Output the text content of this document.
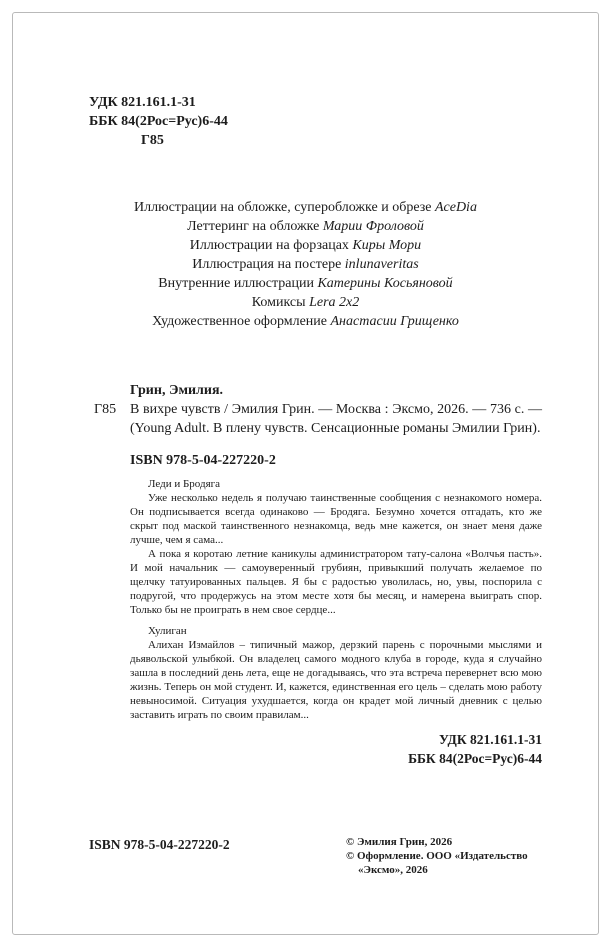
УДК 821.161.1-31
ББК 84(2Рос=Рус)6-44
Г85
Иллюстрации на обложке, суперобложке и обрезе AceDia
Леттеринг на обложке Марии Фроловой
Иллюстрации на форзацах Киры Мори
Иллюстрация на постере inlunaveritas
Внутренние иллюстрации Катерины Косьяновой
Комиксы Lera 2x2
Художественное оформление Анастасии Грищенко
Грин, Эмилия.
Г85 В вихре чувств / Эмилия Грин. — Москва : Эксмо, 2026. — 736 с. — (Young Adult. В плену чувств. Сенсационные романы Эмилии Грин).
ISBN 978-5-04-227220-2
Леди и Бродяга
Уже несколько недель я получаю таинственные сообщения с незнакомого номера. Он подписывается всегда одинаково — Бродяга. Безумно хочется отгадать, кто же скрыт под маской таинственного незнакомца, ведь мне кажется, он знает меня даже лучше, чем я сама...
А пока я коротаю летние каникулы администратором тату-салона «Волчья пасть». И мой начальник — самоуверенный грубиян, привыкший получать желаемое по щелчку татуированных пальцев. Я бы с радостью уволилась, но, увы, поспорила с подругой, что продержусь на этом месте хотя бы месяц, и намерена выиграть спор. Только бы не проиграть в нем свое сердце...
Хулиган
Алихан Измайлов – типичный мажор, дерзкий парень с порочными мыслями и дьявольской улыбкой. Он владелец самого модного клуба в городе, куда я случайно зашла в последний день лета, еще не догадываясь, что эта встреча перевернет всю мою жизнь. Теперь он мой студент. И, кажется, единственная его цель – сделать мою работу невыносимой. Ситуация ухудшается, когда он крадет мой личный дневник с целью заставить играть по своим правилам...
УДК 821.161.1-31
ББК 84(2Рос=Рус)6-44
ISBN 978-5-04-227220-2	© Эмилия Грин, 2026
© Оформление. ООО «Издательство «Эксмо», 2026
